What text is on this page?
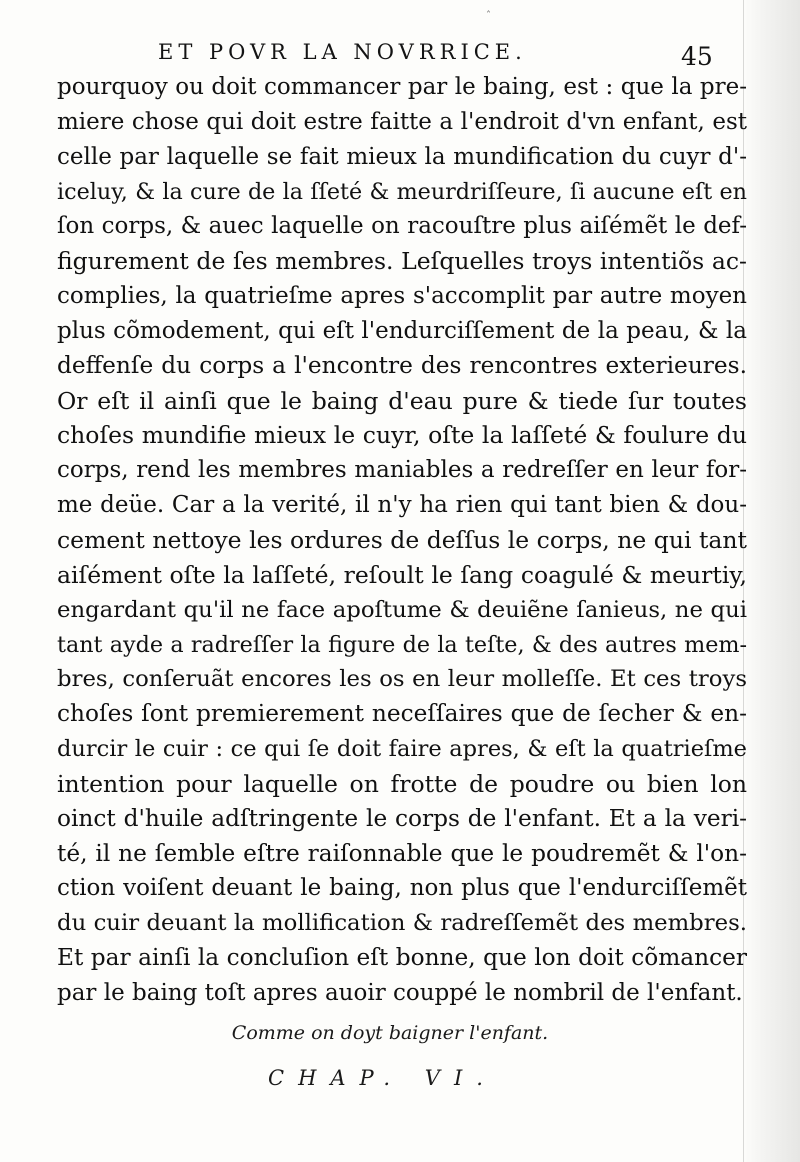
ˆ
ET POVR LA NOVRRICE.	45
pourquoy ou doit commancer par le baing, est : que la pre-
miere chose qui doit estre faitte a l'endroit d'vn enfant, est
celle par laquelle se fait mieux la mundification du cuyr d'-
iceluy, & la cure de la ſſeté & meurdriſſeure, ſi aucune eſt en
ſon corps, & auec laquelle on racouſtre plus aiſémẽt le def-
figurement de ſes membres. Leſquelles troys intentiõs ac-
complies, la quatrieſme apres s'accomplit par autre moyen
plus cõmodement, qui eſt l'endurciſſement de la peau, & la
deffenſe du corps a l'encontre des rencontres exterieures.
Or eſt il ainſi que le baing d'eau pure & tiede ſur toutes
choſes mundifie mieux le cuyr, oſte la laſſeté & foulure du
corps, rend les membres maniables a redreſſer en leur for-
me deüe. Car a la verité, il n'y ha rien qui tant bien & dou-
cement nettoye les ordures de deſſus le corps, ne qui tant
aiſément oſte la laſſeté, reſoult le ſang coagulé & meurtiy,
engardant qu'il ne face apoſtume & deuiẽne ſanieus, ne qui
tant ayde a radreſſer la figure de la teſte, & des autres mem-
bres, conſeruãt encores les os en leur molleſſe. Et ces troys
choſes ſont premierement neceſſaires que de ſecher & en-
durcir le cuir : ce qui ſe doit faire apres, & eſt la quatrieſme
intention pour laquelle on frotte de poudre ou bien lon
oinct d'huile adſtringente le corps de l'enfant. Et a la veri-
té, il ne ſemble eſtre raiſonnable que le poudremẽt & l'on-
ction voiſent deuant le baing, non plus que l'endurciſſemẽt
du cuir deuant la mollification & radreſſemẽt des membres.
Et par ainſi la concluſion eſt bonne, que lon doit cõmancer
par le baing toſt apres auoir couppé le nombril de l'enfant.
Comme on doyt baigner l'enfant.
CHAP. VI.
